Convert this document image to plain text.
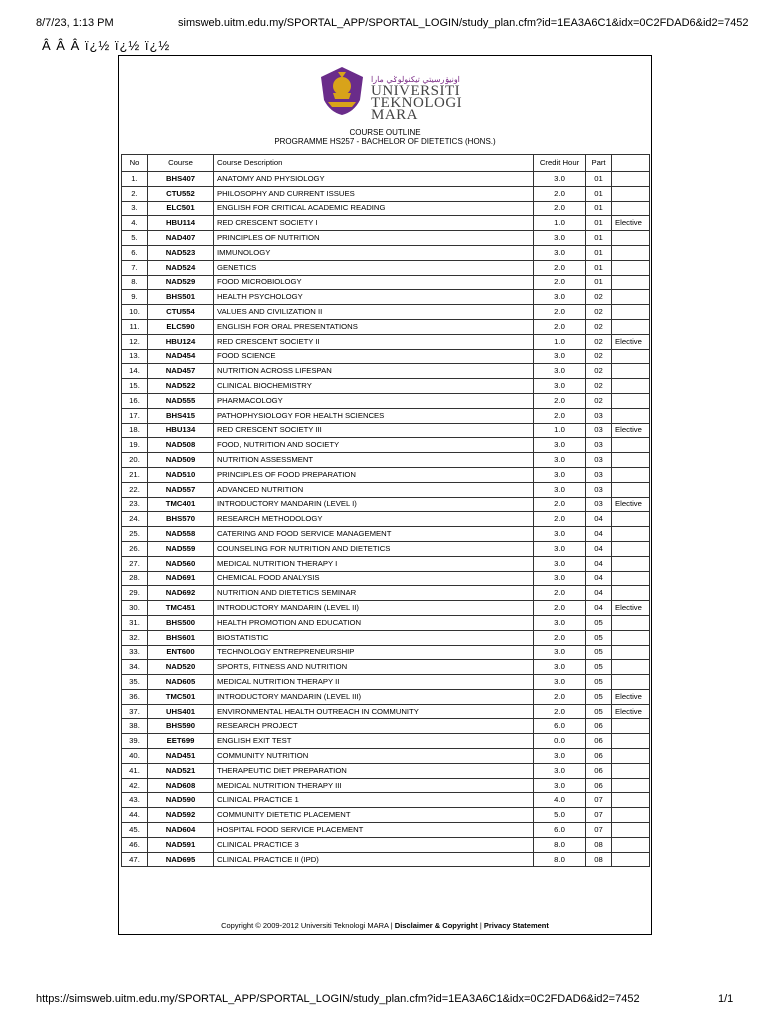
8/7/23, 1:13 PM	simsweb.uitm.edu.my/SPORTAL_APP/SPORTAL_LOGIN/study_plan.cfm?id=1EA3A6C1&idx=0C2FDAD6&id2=7452
Â Â Â ï¿½ ï¿½ ï¿½
اونيۏرسيتي تيكنولوݢي مارا
UNIVERSITI
TEKNOLOGI
MARA
COURSE OUTLINE
PROGRAMME HS257 - BACHELOR OF DIETETICS (HONS.)
No	Course	Course Description	Credit Hour	Part	
1.	BHS407	ANATOMY AND PHYSIOLOGY	3.0	01	
2.	CTU552	PHILOSOPHY AND CURRENT ISSUES	2.0	01	
3.	ELC501	ENGLISH FOR CRITICAL ACADEMIC READING	2.0	01	
4.	HBU114	RED CRESCENT SOCIETY I	1.0	01	Elective
5.	NAD407	PRINCIPLES OF NUTRITION	3.0	01	
6.	NAD523	IMMUNOLOGY	3.0	01	
7.	NAD524	GENETICS	2.0	01	
8.	NAD529	FOOD MICROBIOLOGY	2.0	01	
9.	BHS501	HEALTH PSYCHOLOGY	3.0	02	
10.	CTU554	VALUES AND CIVILIZATION II	2.0	02	
11.	ELC590	ENGLISH FOR ORAL PRESENTATIONS	2.0	02	
12.	HBU124	RED CRESCENT SOCIETY II	1.0	02	Elective
13.	NAD454	FOOD SCIENCE	3.0	02	
14.	NAD457	NUTRITION ACROSS LIFESPAN	3.0	02	
15.	NAD522	CLINICAL BIOCHEMISTRY	3.0	02	
16.	NAD555	PHARMACOLOGY	2.0	02	
17.	BHS415	PATHOPHYSIOLOGY FOR HEALTH SCIENCES	2.0	03	
18.	HBU134	RED CRESCENT SOCIETY III	1.0	03	Elective
19.	NAD508	FOOD, NUTRITION AND SOCIETY	3.0	03	
20.	NAD509	NUTRITION ASSESSMENT	3.0	03	
21.	NAD510	PRINCIPLES OF FOOD PREPARATION	3.0	03	
22.	NAD557	ADVANCED NUTRITION	3.0	03	
23.	TMC401	INTRODUCTORY MANDARIN (LEVEL I)	2.0	03	Elective
24.	BHS570	RESEARCH METHODOLOGY	2.0	04	
25.	NAD558	CATERING AND FOOD SERVICE MANAGEMENT	3.0	04	
26.	NAD559	COUNSELING FOR NUTRITION AND DIETETICS	3.0	04	
27.	NAD560	MEDICAL NUTRITION THERAPY I	3.0	04	
28.	NAD691	CHEMICAL FOOD ANALYSIS	3.0	04	
29.	NAD692	NUTRITION AND DIETETICS SEMINAR	2.0	04	
30.	TMC451	INTRODUCTORY MANDARIN (LEVEL II)	2.0	04	Elective
31.	BHS500	HEALTH PROMOTION AND EDUCATION	3.0	05	
32.	BHS601	BIOSTATISTIC	2.0	05	
33.	ENT600	TECHNOLOGY ENTREPRENEURSHIP	3.0	05	
34.	NAD520	SPORTS, FITNESS AND NUTRITION	3.0	05	
35.	NAD605	MEDICAL NUTRITION THERAPY II	3.0	05	
36.	TMC501	INTRODUCTORY MANDARIN (LEVEL III)	2.0	05	Elective
37.	UHS401	ENVIRONMENTAL HEALTH OUTREACH IN COMMUNITY	2.0	05	Elective
38.	BHS590	RESEARCH PROJECT	6.0	06	
39.	EET699	ENGLISH EXIT TEST	0.0	06	
40.	NAD451	COMMUNITY NUTRITION	3.0	06	
41.	NAD521	THERAPEUTIC DIET PREPARATION	3.0	06	
42.	NAD608	MEDICAL NUTRITION THERAPY III	3.0	06	
43.	NAD590	CLINICAL PRACTICE 1	4.0	07	
44.	NAD592	COMMUNITY DIETETIC PLACEMENT	5.0	07	
45.	NAD604	HOSPITAL FOOD SERVICE PLACEMENT	6.0	07	
46.	NAD591	CLINICAL PRACTICE 3	8.0	08	
47.	NAD695	CLINICAL PRACTICE II (IPD)	8.0	08	
Copyright © 2009-2012 Universiti Teknologi MARA | Disclaimer & Copyright | Privacy Statement
https://simsweb.uitm.edu.my/SPORTAL_APP/SPORTAL_LOGIN/study_plan.cfm?id=1EA3A6C1&idx=0C2FDAD6&id2=7452	1/1
